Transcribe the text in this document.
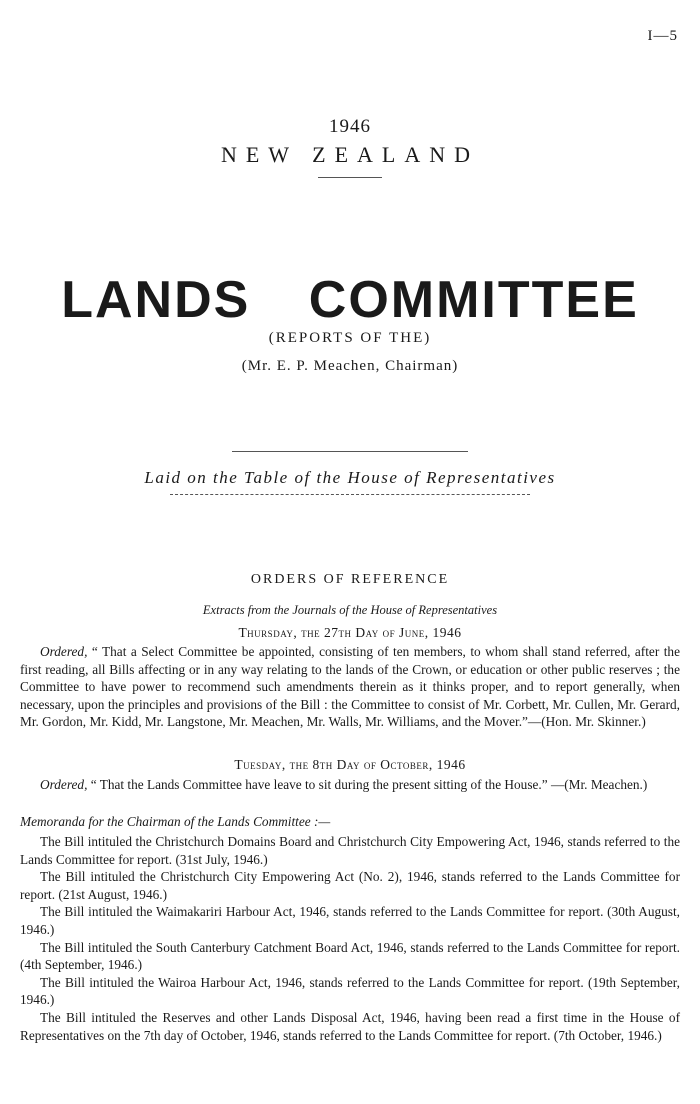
I—5
1946
NEW ZEALAND
LANDS COMMITTEE
(REPORTS OF THE)
(Mr. E. P. Meachen, Chairman)
Laid on the Table of the House of Representatives
ORDERS OF REFERENCE
Extracts from the Journals of the House of Representatives
Thursday, the 27th Day of June, 1946

Ordered, “ That a Select Committee be appointed, consisting of ten members, to whom shall stand referred, after the first reading, all Bills affecting or in any way relating to the lands of the Crown, or education or other public reserves ; the Committee to have power to recommend such amendments therein as it thinks proper, and to report generally, when necessary, upon the principles and provisions of the Bill : the Committee to consist of Mr. Corbett, Mr. Cullen, Mr. Gerard, Mr. Gordon, Mr. Kidd, Mr. Langstone, Mr. Meachen, Mr. Walls, Mr. Williams, and the Mover.”—(Hon. Mr. Skinner.)

Tuesday, the 8th Day of October, 1946

Ordered, “ That the Lands Committee have leave to sit during the present sitting of the House.” —(Mr. Meachen.)

Memoranda for the Chairman of the Lands Committee :—

The Bill intituled the Christchurch Domains Board and Christchurch City Empowering Act, 1946, stands referred to the Lands Committee for report. (31st July, 1946.)

The Bill intituled the Christchurch City Empowering Act (No. 2), 1946, stands referred to the Lands Committee for report. (21st August, 1946.)

The Bill intituled the Waimakariri Harbour Act, 1946, stands referred to the Lands Committee for report. (30th August, 1946.)

The Bill intituled the South Canterbury Catchment Board Act, 1946, stands referred to the Lands Committee for report. (4th September, 1946.)

The Bill intituled the Wairoa Harbour Act, 1946, stands referred to the Lands Committee for report. (19th September, 1946.)

The Bill intituled the Reserves and other Lands Disposal Act, 1946, having been read a first time in the House of Representatives on the 7th day of October, 1946, stands referred to the Lands Committee for report. (7th October, 1946.)
